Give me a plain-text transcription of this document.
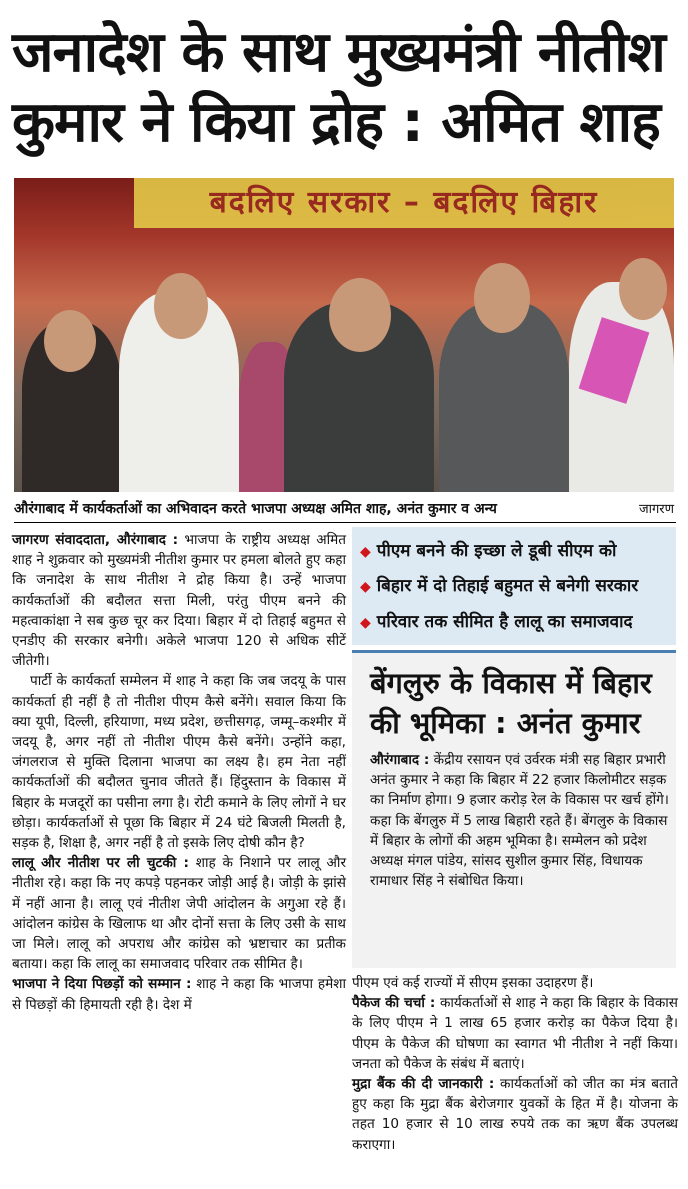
जनादेश के साथ मुख्यमंत्री नीतीश
कुमार ने किया द्रोह : अमित शाह
बदलिए सरकार – बदलिए बिहार
औरंगाबाद में कार्यकर्ताओं का अभिवादन करते भाजपा अध्यक्ष अमित शाह, अनंत कुमार व अन्य	जागरण

जागरण संवाददाता, औरंगाबाद : भाजपा के राष्ट्रीय अध्यक्ष अमित शाह ने शुक्रवार को मुख्यमंत्री नीतीश कुमार पर हमला बोलते हुए कहा कि जनादेश के साथ नीतीश ने द्रोह किया है। उन्हें भाजपा कार्यकर्ताओं की बदौलत सत्ता मिली, परंतु पीएम बनने की महत्वाकांक्षा ने सब कुछ चूर कर दिया। बिहार में दो तिहाई बहुमत से एनडीए की सरकार बनेगी। अकेले भाजपा 120 से अधिक सीटें जीतेगी।

पार्टी के कार्यकर्ता सम्मेलन में शाह ने कहा कि जब जदयू के पास कार्यकर्ता ही नहीं है तो नीतीश पीएम कैसे बनेंगे। सवाल किया कि क्या यूपी, दिल्ली, हरियाणा, मध्य प्रदेश, छत्तीसगढ़, जम्मू–कश्मीर में जदयू है, अगर नहीं तो नीतीश पीएम कैसे बनेंगे। उन्होंने कहा, जंगलराज से मुक्ति दिलाना भाजपा का लक्ष्य है। हम नेता नहीं कार्यकर्ताओं की बदौलत चुनाव जीतते हैं। हिंदुस्तान के विकास में बिहार के मजदूरों का पसीना लगा है। रोटी कमाने के लिए लोगों ने घर छोड़ा। कार्यकर्ताओं से पूछा कि बिहार में 24 घंटे बिजली मिलती है, सड़क है, शिक्षा है, अगर नहीं है तो इसके लिए दोषी कौन है?

लालू और नीतीश पर ली चुटकी : शाह के निशाने पर लालू और नीतीश रहे। कहा कि नए कपड़े पहनकर जोड़ी आई है। जोड़ी के झांसे में नहीं आना है। लालू एवं नीतीश जेपी आंदोलन के अगुआ रहे हैं। आंदोलन कांग्रेस के खिलाफ था और दोनों सत्ता के लिए उसी के साथ जा मिले। लालू को अपराध और कांग्रेस को भ्रष्टाचार का प्रतीक बताया। कहा कि लालू का समाजवाद परिवार तक सीमित है।

भाजपा ने दिया पिछड़ों को सम्मान : शाह ने कहा कि भाजपा हमेशा से पिछड़ों की हिमायती रही है। देश में

◆ पीएम बनने की इच्छा ले डूबी सीएम को
◆ बिहार में दो तिहाई बहुमत से बनेगी सरकार
◆ परिवार तक सीमित है लालू का समाजवाद
बेंगलुरु के विकास में बिहार
की भूमिका : अनंत कुमार

औरंगाबाद : केंद्रीय रसायन एवं उर्वरक मंत्री सह बिहार प्रभारी अनंत कुमार ने कहा कि बिहार में 22 हजार किलोमीटर सड़क का निर्माण होगा। 9 हजार करोड़ रेल के विकास पर खर्च होंगे। कहा कि बेंगलुरु में 5 लाख बिहारी रहते हैं। बेंगलुरु के विकास में बिहार के लोगों की अहम भूमिका है। सम्मेलन को प्रदेश अध्यक्ष मंगल पांडेय, सांसद सुशील कुमार सिंह, विधायक रामाधार सिंह ने संबोधित किया।

पीएम एवं कई राज्यों में सीएम इसका उदाहरण हैं।

पैकेज की चर्चा : कार्यकर्ताओं से शाह ने कहा कि बिहार के विकास के लिए पीएम ने 1 लाख 65 हजार करोड़ का पैकेज दिया है। पीएम के पैकेज की घोषणा का स्वागत भी नीतीश ने नहीं किया। जनता को पैकेज के संबंध में बताएं।

मुद्रा बैंक की दी जानकारी : कार्यकर्ताओं को जीत का मंत्र बताते हुए कहा कि मुद्रा बैंक बेरोजगार युवकों के हित में है। योजना के तहत 10 हजार से 10 लाख रुपये तक का ऋण बैंक उपलब्ध कराएगा।
